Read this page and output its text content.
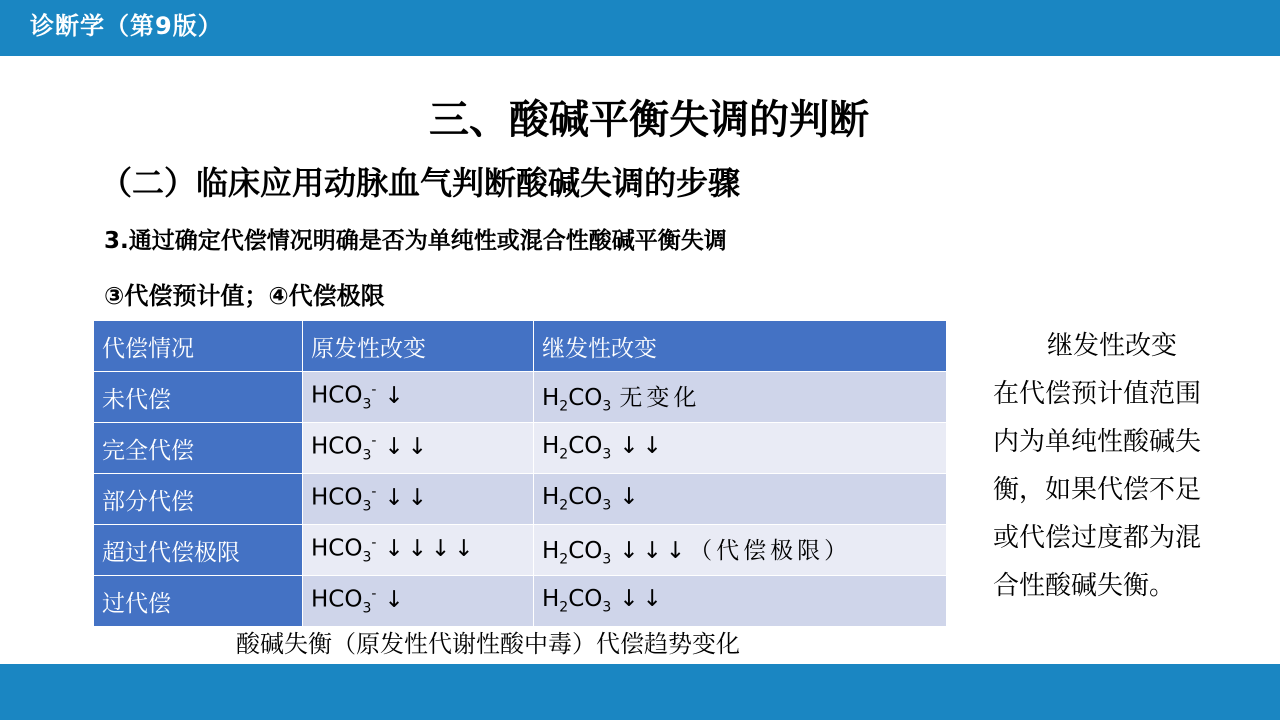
诊断学（第9版）
三、酸碱平衡失调的判断
（二）临床应用动脉血气判断酸碱失调的步骤
3.通过确定代偿情况明确是否为单纯性或混合性酸碱平衡失调
③代偿预计值；④代偿极限
代偿情况	原发性改变	继发性改变
未代偿	$HCO_3^-$ ↓	$H_2CO_3$ 无变化
完全代偿	$HCO_3^-$ ↓↓	$H_2CO_3$ ↓↓
部分代偿	$HCO_3^-$ ↓↓	$H_2CO_3$ ↓
超过代偿极限	$HCO_3^-$ ↓↓↓↓	$H_2CO_3$ ↓↓↓（代偿极限）
过代偿	$HCO_3^-$ ↓	$H_2CO_3$ ↓↓
酸碱失衡（原发性代谢性酸中毒）代偿趋势变化
继发性改变
在代偿预计值范围内为单纯性酸碱失衡，如果代偿不足或代偿过度都为混合性酸碱失衡。
